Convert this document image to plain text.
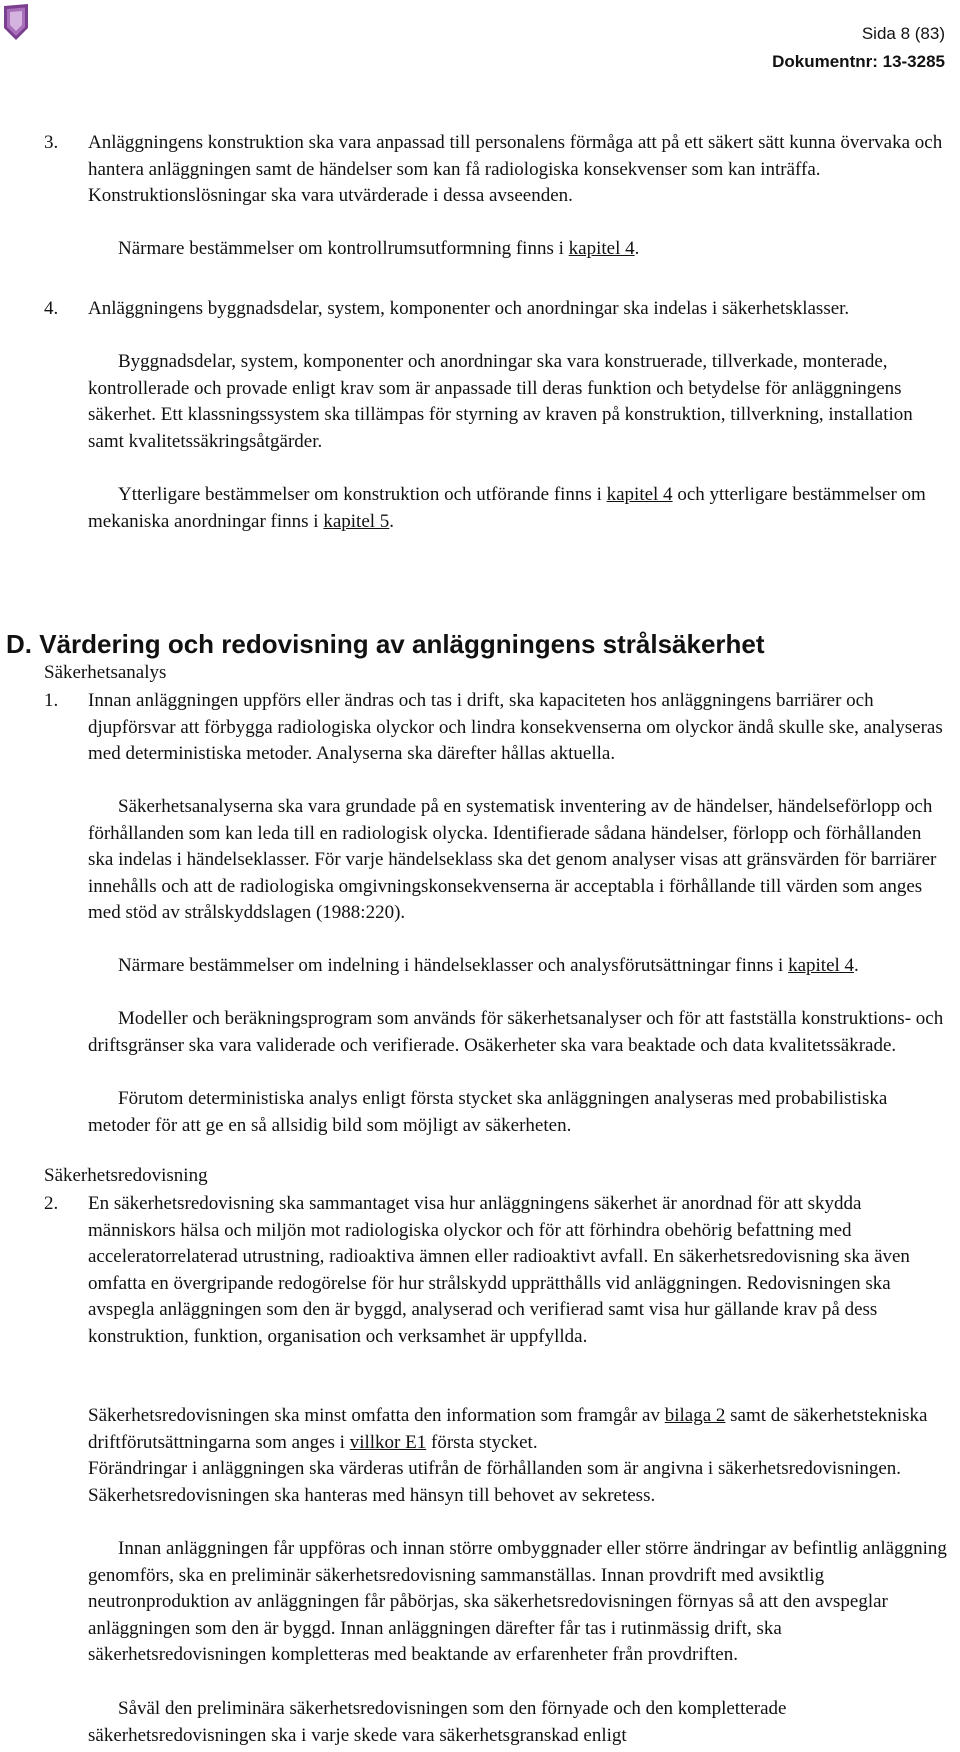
Sida 8 (83)
Dokumentnr: 13-3285
3. Anläggningens konstruktion ska vara anpassad till personalens förmåga att på ett säkert sätt kunna övervaka och hantera anläggningen samt de händelser som kan få radiologiska konsekvenser som kan inträffa. Konstruktionslösningar ska vara utvärderade i dessa avseenden.

Närmare bestämmelser om kontrollrumsutformning finns i kapitel 4.

4. Anläggningens byggnadsdelar, system, komponenter och anordningar ska indelas i säkerhetsklasser.

Byggnadsdelar, system, komponenter och anordningar ska vara konstruerade, tillverkade, monterade, kontrollerade och provade enligt krav som är anpassade till deras funktion och betydelse för anläggningens säkerhet. Ett klassningssystem ska tillämpas för styrning av kraven på konstruktion, tillverkning, installation samt kvalitetssäkringsåtgärder.

Ytterligare bestämmelser om konstruktion och utförande finns i kapitel 4 och ytterligare bestämmelser om mekaniska anordningar finns i kapitel 5.

D. Värdering och redovisning av anläggningens strålsäkerhet
Säkerhetsanalys
1. Innan anläggningen uppförs eller ändras och tas i drift, ska kapaciteten hos anläggningens barriärer och djupförsvar att förbygga radiologiska olyckor och lindra konsekvenserna om olyckor ändå skulle ske, analyseras med deterministiska metoder. Analyserna ska därefter hållas aktuella.

Säkerhetsanalyserna ska vara grundade på en systematisk inventering av de händelser, händelseförlopp och förhållanden som kan leda till en radiologisk olycka. Identifierade sådana händelser, förlopp och förhållanden ska indelas i händelseklasser. För varje händelseklass ska det genom analyser visas att gränsvärden för barriärer innehålls och att de radiologiska omgivningskonsekvenserna är acceptabla i förhållande till värden som anges med stöd av strålskyddslagen (1988:220).

Närmare bestämmelser om indelning i händelseklasser och analysförutsättningar finns i kapitel 4.

Modeller och beräkningsprogram som används för säkerhetsanalyser och för att fastställa konstruktions- och driftsgränser ska vara validerade och verifierade. Osäkerheter ska vara beaktade och data kvalitetssäkrade.

Förutom deterministiska analys enligt första stycket ska anläggningen analyseras med probabilistiska metoder för att ge en så allsidig bild som möjligt av säkerheten.

Säkerhetsredovisning
2. En säkerhetsredovisning ska sammantaget visa hur anläggningens säkerhet är anordnad för att skydda människors hälsa och miljön mot radiologiska olyckor och för att förhindra obehörig befattning med acceleratorrelaterad utrustning, radioaktiva ämnen eller radioaktivt avfall. En säkerhetsredovisning ska även omfatta en övergripande redogörelse för hur strålskydd upprätthålls vid anläggningen. Redovisningen ska avspegla anläggningen som den är byggd, analyserad och verifierad samt visa hur gällande krav på dess konstruktion, funktion, organisation och verksamhet är uppfyllda.

Säkerhetsredovisningen ska minst omfatta den information som framgår av bilaga 2 samt de säkerhetstekniska driftförutsättningarna som anges i villkor E1 första stycket.

Förändringar i anläggningen ska värderas utifrån de förhållanden som är angivna i säkerhetsredovisningen. Säkerhetsredovisningen ska hanteras med hänsyn till behovet av sekretess.

Innan anläggningen får uppföras och innan större ombyggnader eller större ändringar av befintlig anläggning genomförs, ska en preliminär säkerhetsredovisning sammanställas. Innan provdrift med avsiktlig neutronproduktion av anläggningen får påbörjas, ska säkerhetsredovisningen förnyas så att den avspeglar anläggningen som den är byggd. Innan anläggningen därefter får tas i rutinmässig drift, ska säkerhetsredovisningen kompletteras med beaktande av erfarenheter från provdriften.

Såväl den preliminära säkerhetsredovisningen som den förnyade och den kompletterade säkerhetsredovisningen ska i varje skede vara säkerhetsgranskad enligt
